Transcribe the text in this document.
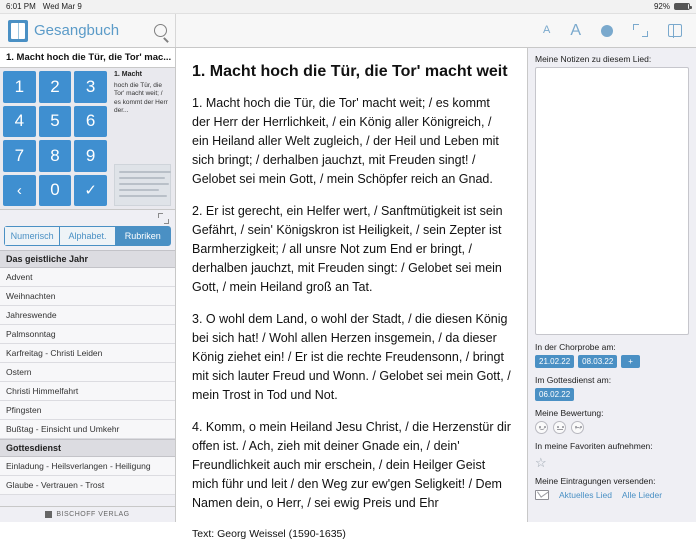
6:01 PM Wed Mar 9	92%
Gesangbuch	A A
1. Macht hoch die Tür, die Tor' mac...
1	2	3
4	5	6
7	8	9
‹	0	✓
1. Macht
hoch die Tür, die Tor' macht weit; / es kommt der Herr der...
Numerisch	Alphabet.	Rubriken
Das geistliche Jahr
Advent
Weihnachten
Jahreswende
Palmsonntag
Karfreitag - Christi Leiden
Ostern
Christi Himmelfahrt
Pfingsten
Bußtag - Einsicht und Umkehr
Gottesdienst
Einladung - Heilsverlangen - Heiligung
Glaube - Vertrauen - Trost
1. Macht hoch die Tür, die Tor' macht weit
1. Macht hoch die Tür, die Tor' macht weit; / es kommt der Herr der Herrlichkeit, / ein König aller Königreich, / ein Heiland aller Welt zugleich, / der Heil und Leben mit sich bringt; / derhalben jauchzt, mit Freuden singt! / Gelobet sei mein Gott, / mein Schöpfer reich an Gnad.
2. Er ist gerecht, ein Helfer wert, / Sanftmütigkeit ist sein Gefährt, / sein' Königskron ist Heiligkeit, / sein Zepter ist Barmherzigkeit; / all unsre Not zum End er bringt, / derhalben jauchzt, mit Freuden singt: / Gelobet sei mein Gott, / mein Heiland groß an Tat.
3. O wohl dem Land, o wohl der Stadt, / die diesen König bei sich hat! / Wohl allen Herzen insgemein, / da dieser König ziehet ein! / Er ist die rechte Freudensonn, / bringt mit sich lauter Freud und Wonn. / Gelobet sei mein Gott, / mein Trost in Tod und Not.
4. Komm, o mein Heiland Jesu Christ, / die Herzenstür dir offen ist. / Ach, zieh mit deiner Gnade ein, / dein' Freundlichkeit auch mir erschein, / dein Heilger Geist mich führ und leit / den Weg zur ew'gen Seligkeit! / Dem Namen dein, o Herr, / sei ewig Preis und Ehr
Text: Georg Weissel (1590-1635)
Meine Notizen zu diesem Lied:
In der Chorprobe am:
21.02.22	08.03.22	+
Im Gottesdienst am:
06.02.22
Meine Bewertung:
In meine Favoriten aufnehmen:
☆
Meine Eintragungen versenden:
Aktuelles Lied Alle Lieder
BISCHOFF VERLAG
